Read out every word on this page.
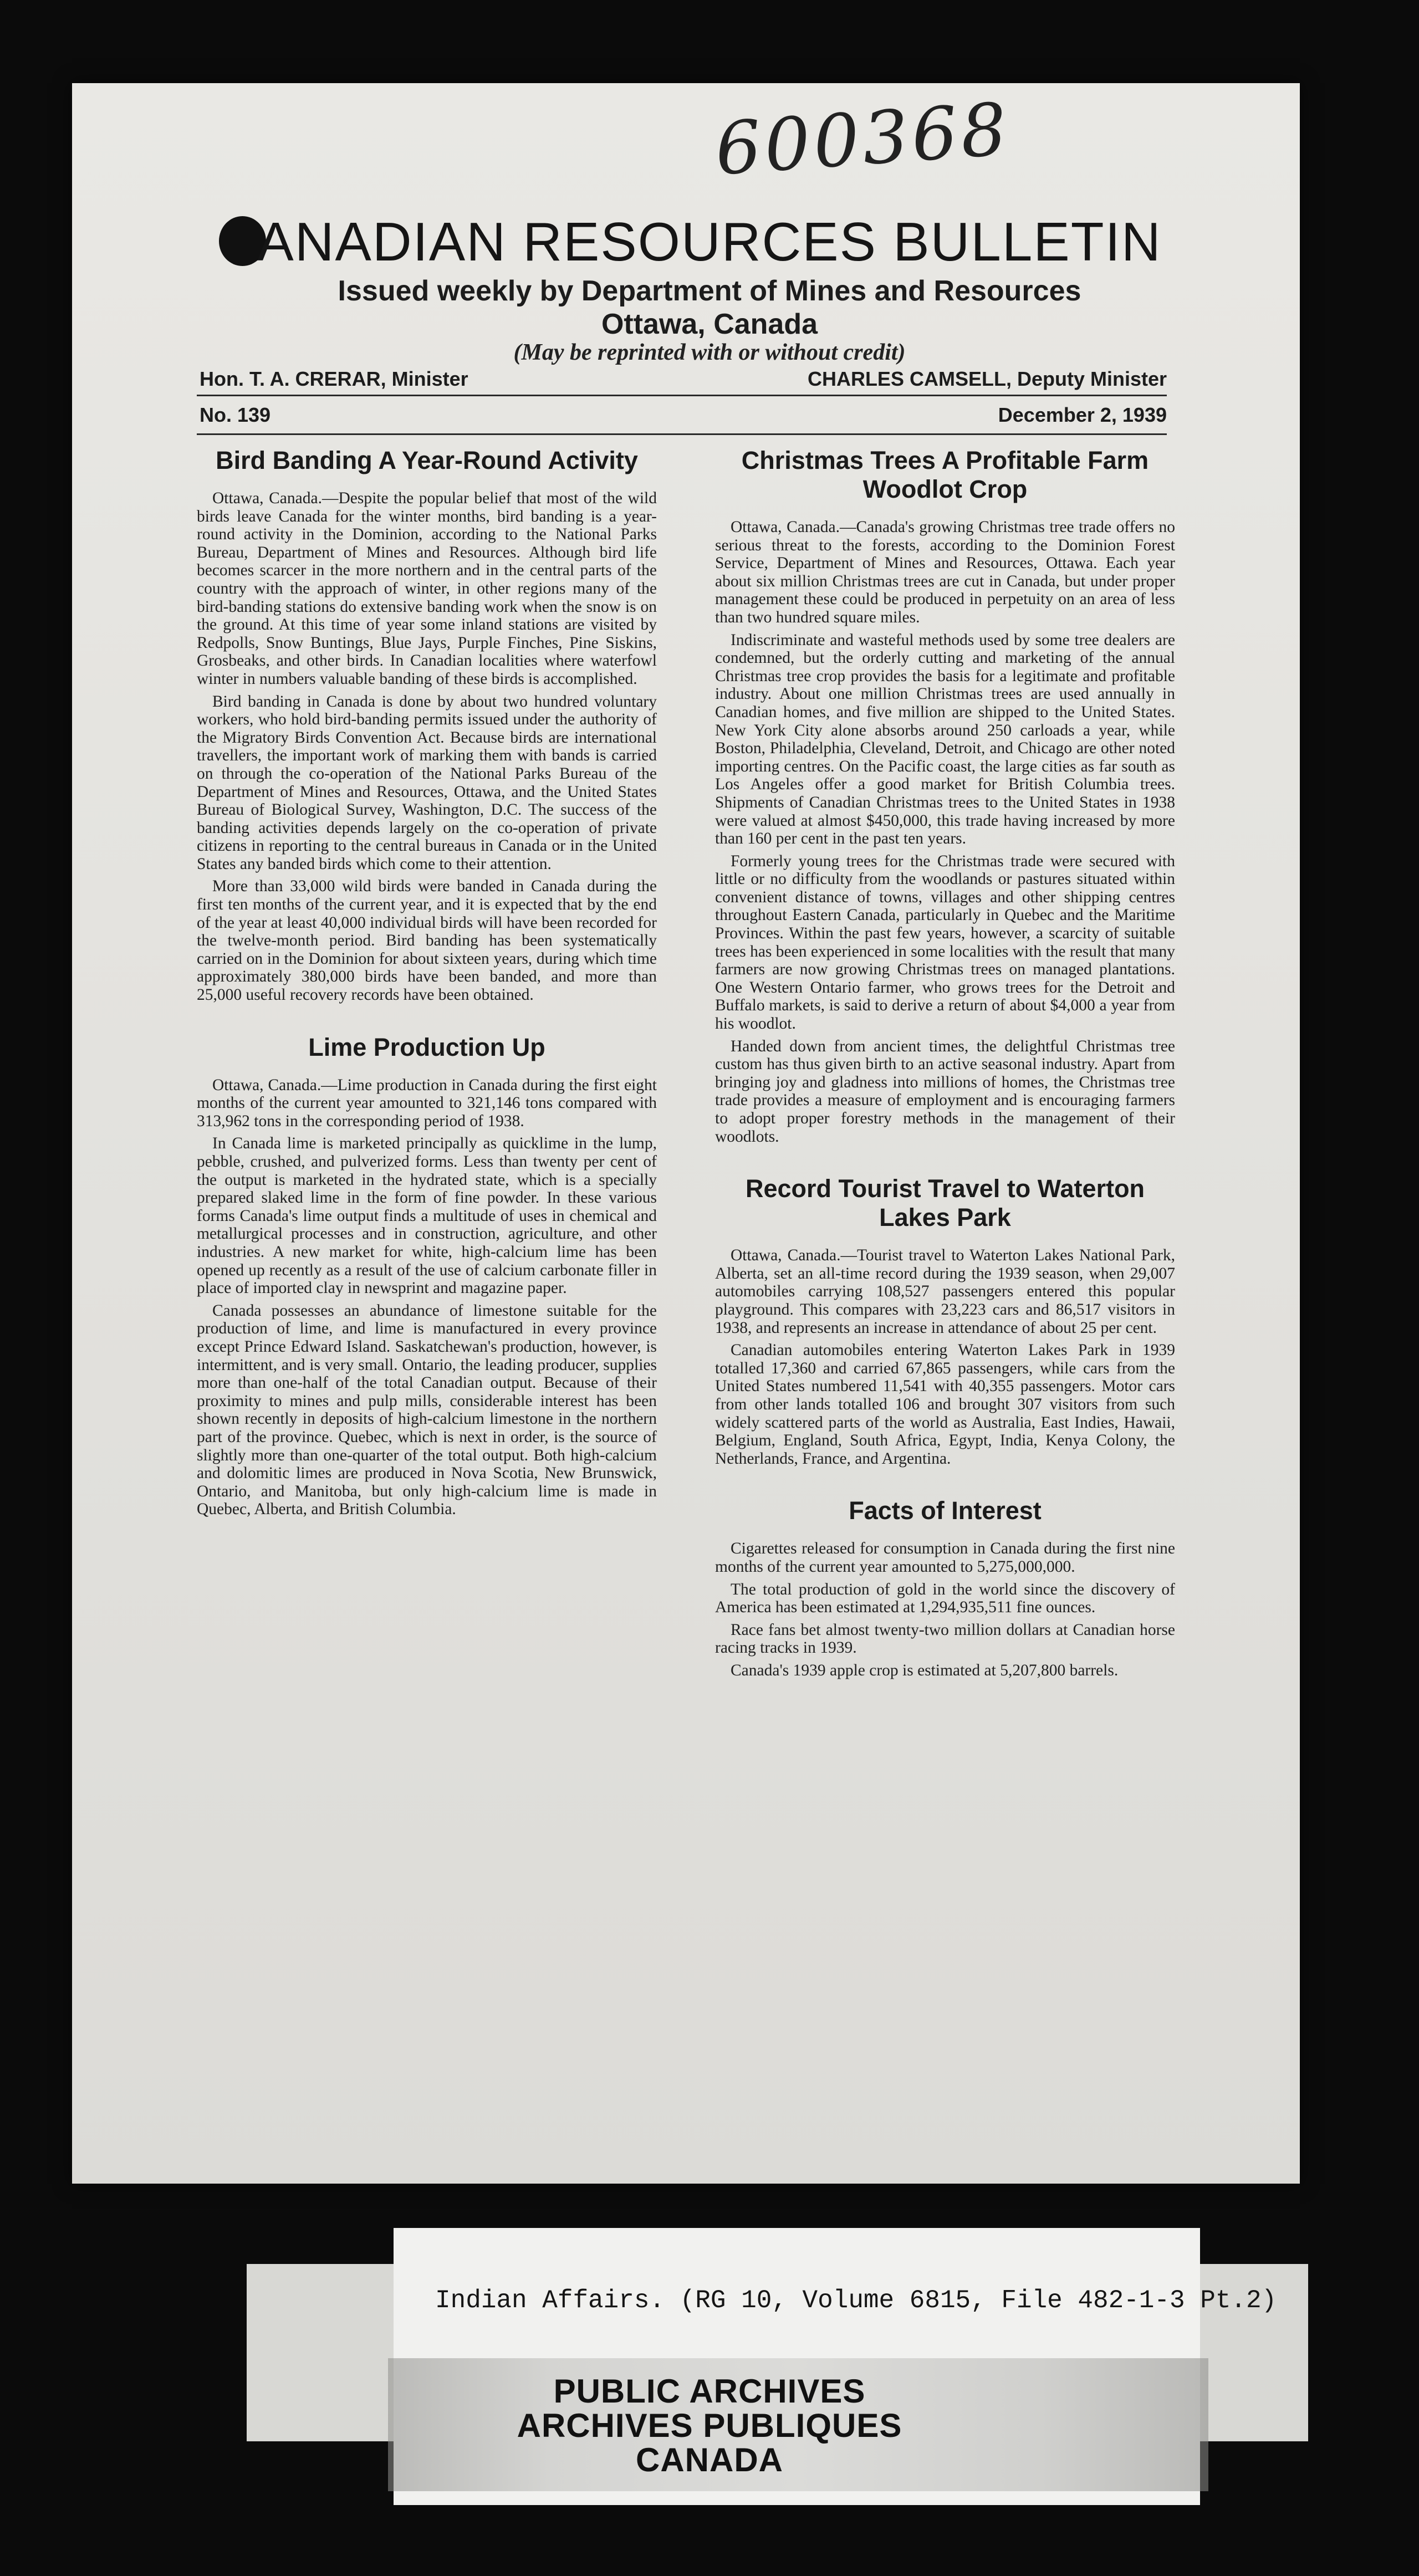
600368
ANADIAN RESOURCES BULLETIN
Issued weekly by Department of Mines and Resources
Ottawa, Canada
(May be reprinted with or without credit)
Hon. T. A. CRERAR, Minister	CHARLES CAMSELL, Deputy Minister
No. 139	December 2, 1939
Bird Banding A Year-Round Activity

Ottawa, Canada.—Despite the popular belief that most of the wild birds leave Canada for the winter months, bird banding is a year-round activity in the Dominion, according to the National Parks Bureau, Department of Mines and Resources. Although bird life becomes scarcer in the more northern and in the central parts of the country with the approach of winter, in other regions many of the bird-banding stations do extensive banding work when the snow is on the ground. At this time of year some inland stations are visited by Redpolls, Snow Buntings, Blue Jays, Purple Finches, Pine Siskins, Grosbeaks, and other birds. In Canadian localities where waterfowl winter in numbers valuable banding of these birds is accomplished.

Bird banding in Canada is done by about two hundred voluntary workers, who hold bird-banding permits issued under the authority of the Migratory Birds Convention Act. Because birds are international travellers, the important work of marking them with bands is carried on through the co-operation of the National Parks Bureau of the Department of Mines and Resources, Ottawa, and the United States Bureau of Biological Survey, Washington, D.C. The success of the banding activities depends largely on the co-operation of private citizens in reporting to the central bureaus in Canada or in the United States any banded birds which come to their attention.

More than 33,000 wild birds were banded in Canada during the first ten months of the current year, and it is expected that by the end of the year at least 40,000 individual birds will have been recorded for the twelve-month period. Bird banding has been systematically carried on in the Dominion for about sixteen years, during which time approximately 380,000 birds have been banded, and more than 25,000 useful recovery records have been obtained.

Lime Production Up

Ottawa, Canada.—Lime production in Canada during the first eight months of the current year amounted to 321,146 tons compared with 313,962 tons in the corresponding period of 1938.

In Canada lime is marketed principally as quicklime in the lump, pebble, crushed, and pulverized forms. Less than twenty per cent of the output is marketed in the hydrated state, which is a specially prepared slaked lime in the form of fine powder. In these various forms Canada's lime output finds a multitude of uses in chemical and metallurgical processes and in construction, agriculture, and other industries. A new market for white, high-calcium lime has been opened up recently as a result of the use of calcium carbonate filler in place of imported clay in newsprint and magazine paper.

Canada possesses an abundance of limestone suitable for the production of lime, and lime is manufactured in every province except Prince Edward Island. Saskatchewan's production, however, is intermittent, and is very small. Ontario, the leading producer, supplies more than one-half of the total Canadian output. Because of their proximity to mines and pulp mills, considerable interest has been shown recently in deposits of high-calcium limestone in the northern part of the province. Quebec, which is next in order, is the source of slightly more than one-quarter of the total output. Both high-calcium and dolomitic limes are produced in Nova Scotia, New Brunswick, Ontario, and Manitoba, but only high-calcium lime is made in Quebec, Alberta, and British Columbia.

Christmas Trees A Profitable Farm Woodlot Crop

Ottawa, Canada.—Canada's growing Christmas tree trade offers no serious threat to the forests, according to the Dominion Forest Service, Department of Mines and Resources, Ottawa. Each year about six million Christmas trees are cut in Canada, but under proper management these could be produced in perpetuity on an area of less than two hundred square miles.

Indiscriminate and wasteful methods used by some tree dealers are condemned, but the orderly cutting and marketing of the annual Christmas tree crop provides the basis for a legitimate and profitable industry. About one million Christmas trees are used annually in Canadian homes, and five million are shipped to the United States. New York City alone absorbs around 250 carloads a year, while Boston, Philadelphia, Cleveland, Detroit, and Chicago are other noted importing centres. On the Pacific coast, the large cities as far south as Los Angeles offer a good market for British Columbia trees. Shipments of Canadian Christmas trees to the United States in 1938 were valued at almost $450,000, this trade having increased by more than 160 per cent in the past ten years.

Formerly young trees for the Christmas trade were secured with little or no difficulty from the woodlands or pastures situated within convenient distance of towns, villages and other shipping centres throughout Eastern Canada, particularly in Quebec and the Maritime Provinces. Within the past few years, however, a scarcity of suitable trees has been experienced in some localities with the result that many farmers are now growing Christmas trees on managed plantations. One Western Ontario farmer, who grows trees for the Detroit and Buffalo markets, is said to derive a return of about $4,000 a year from his woodlot.

Handed down from ancient times, the delightful Christmas tree custom has thus given birth to an active seasonal industry. Apart from bringing joy and gladness into millions of homes, the Christmas tree trade provides a measure of employment and is encouraging farmers to adopt proper forestry methods in the management of their woodlots.

Record Tourist Travel to Waterton Lakes Park

Ottawa, Canada.—Tourist travel to Waterton Lakes National Park, Alberta, set an all-time record during the 1939 season, when 29,007 automobiles carrying 108,527 passengers entered this popular playground. This compares with 23,223 cars and 86,517 visitors in 1938, and represents an increase in attendance of about 25 per cent.

Canadian automobiles entering Waterton Lakes Park in 1939 totalled 17,360 and carried 67,865 passengers, while cars from the United States numbered 11,541 with 40,355 passengers. Motor cars from other lands totalled 106 and brought 307 visitors from such widely scattered parts of the world as Australia, East Indies, Hawaii, Belgium, England, South Africa, Egypt, India, Kenya Colony, the Netherlands, France, and Argentina.

Facts of Interest

Cigarettes released for consumption in Canada during the first nine months of the current year amounted to 5,275,000,000.

The total production of gold in the world since the discovery of America has been estimated at 1,294,935,511 fine ounces.

Race fans bet almost twenty-two million dollars at Canadian horse racing tracks in 1939.

Canada's 1939 apple crop is estimated at 5,207,800 barrels.

Indian Affairs. (RG 10, Volume 6815, File 482-1-3 Pt.2)
PUBLIC ARCHIVES
ARCHIVES PUBLIQUES
CANADA
